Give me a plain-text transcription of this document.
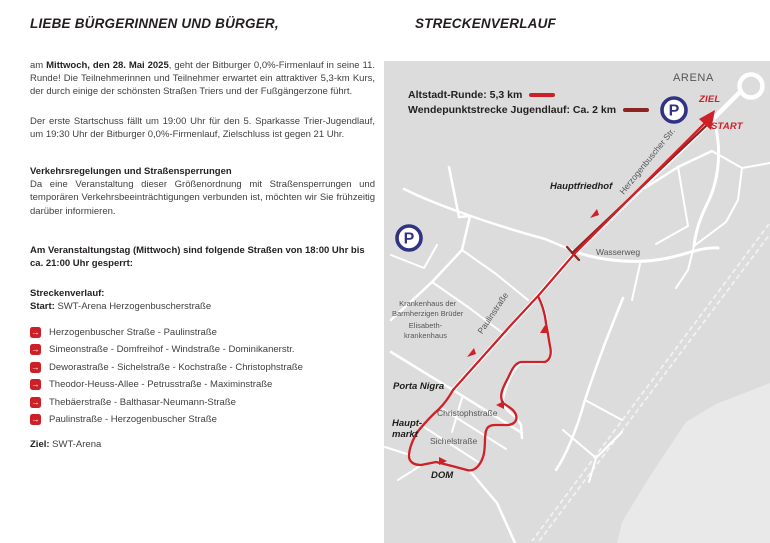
LIEBE BÜRGERINNEN UND BÜRGER,

am Mittwoch, den 28. Mai 2025, geht der Bitburger 0,0%-Firmenlauf in seine 11. Runde! Die Teilnehmerinnen und Teilnehmer erwartet ein attraktiver 5,3-km Kurs, der durch einige der schönsten Straßen Triers und der Fußgängerzone führt.

Der erste Startschuss fällt um 19:00 Uhr für den 5. Sparkasse Trier-Jugendlauf, um 19:30 Uhr der Bitburger 0,0%-Firmenlauf, Zielschluss ist gegen 21 Uhr.

Verkehrsregelungen und Straßensperrungen

Da eine Veranstaltung dieser Größenordnung mit Straßensperrungen und temporären Verkehrsbeeinträchtigungen verbunden ist, möchten wir Sie frühzeitig darüber informieren.

Am Veranstaltungstag (Mittwoch) sind folgende Straßen von 18:00 Uhr bis ca. 21:00 Uhr gesperrt:

Streckenverlauf:

Start: SWT-Arena Herzogenbuscherstraße

→ Herzogenbuscher Straße - Paulinstraße
→ Simeonstraße - Domfreihof - Windstraße - Dominikanerstr.
→ Deworastraße - Sichelstraße - Kochstraße - Christophstraße
→ Theodor-Heuss-Allee - Petrusstraße - Maximinstraße
→ Thebäerstraße - Balthasar-Neumann-Straße
→ Paulinstraße - Herzogenbuscher Straße

Ziel: SWT-Arena

STRECKENVERLAUF
P
P
Altstadt-Runde: 5,3 km
Wendepunktstrecke Jugendlauf: Ca. 2 km
ARENA
ZIEL
START
Herzogenbuscher Str.
Hauptfriedhof
Wasserweg
Krankenhaus der
Barmherzigen Brüder
Elisabeth-
krankenhaus	Paulinstraße
Porta Nigra
Christophstraße
Haupt-
markt
Sichelstraße
DOM
